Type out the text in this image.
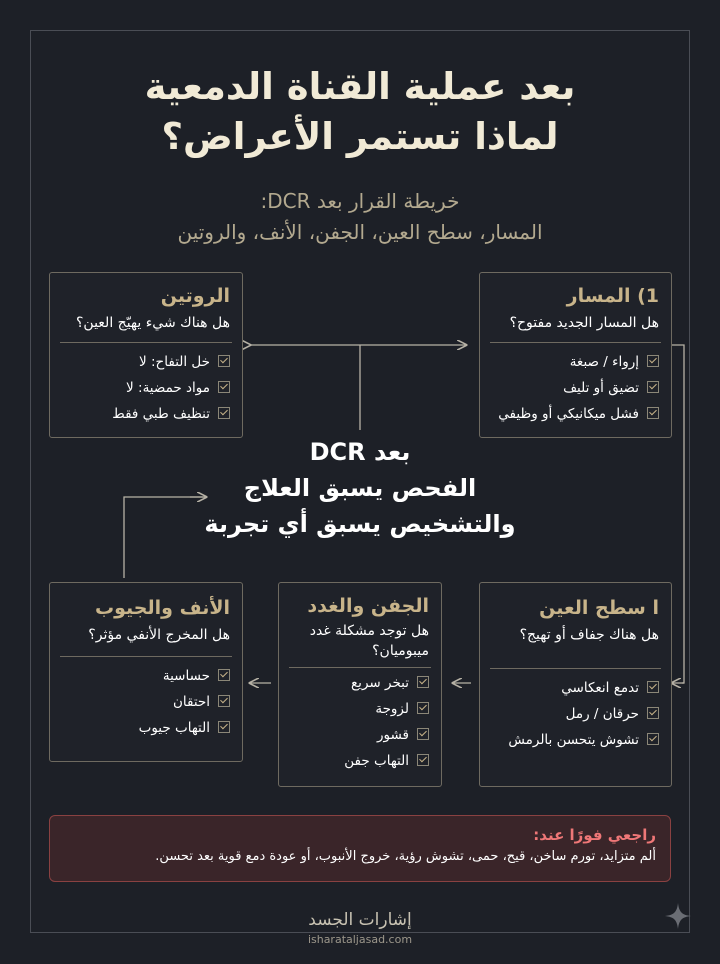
بعد عملية القناة الدمعية
لماذا تستمر الأعراض؟
خريطة القرار بعد DCR:
المسار، سطح العين، الجفن، الأنف، والروتين
1) المسار
هل المسار الجديد مفتوح؟
إرواء / صبغة
تضيق أو تليف
فشل ميكانيكي أو وظيفي
الروتين
هل هناك شيء يهيّج العين؟
خل التفاح: لا
مواد حمضية: لا
تنظيف طبي فقط
بعد DCR
الفحص يسبق العلاج
والتشخيص يسبق أي تجربة
ا سطح العين
هل هناك جفاف أو تهيج؟
تدمع انعكاسي
حرقان / رمل
تشوش يتحسن بالرمش
الجفن والغدد
هل توجد مشكلة غدد
ميبوميان؟
تبخر سريع
لزوجة
قشور
التهاب جفن
الأنف والجيوب
هل المخرج الأنفي مؤثر؟
حساسية
احتقان
التهاب جيوب
راجعي فورًا عند:
ألم متزايد، تورم ساخن، قيح، حمى، تشوش رؤية، خروج الأنبوب، أو عودة دمع قوية بعد تحسن.
إشارات الجسد
isharataljasad.com
